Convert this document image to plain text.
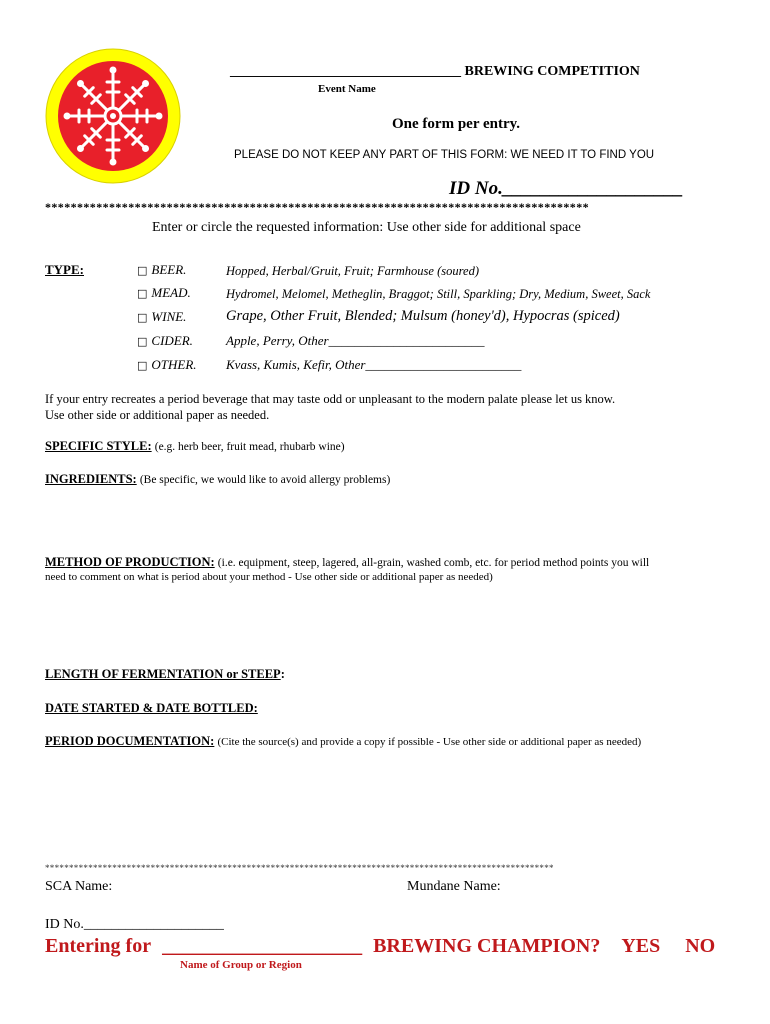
_________________________________ BREWING COMPETITION
Event Name
One form per entry.
PLEASE DO NOT KEEP ANY PART OF THIS FORM: WE NEED IT TO FIND YOU
ID No.___________________
*************************************************************************************
Enter or circle the requested information: Use other side for additional space
TYPE:	□ BEER.	Hopped, Herbal/Gruit, Fruit; Farmhouse (soured)
□ MEAD.	Hydromel, Melomel, Metheglin, Braggot; Still, Sparkling; Dry, Medium, Sweet, Sack
□ WINE.	Grape, Other Fruit, Blended; Mulsum (honey'd), Hypocras (spiced)
□ CIDER.	Apple, Perry, Other________________________
□ OTHER. Kvass, Kumis, Kefir, Other________________________
If your entry recreates a period beverage that may taste odd or unpleasant to the modern palate please let us know.
Use other side or additional paper as needed.
SPECIFIC STYLE: (e.g. herb beer, fruit mead, rhubarb wine)
INGREDIENTS: (Be specific, we would like to avoid allergy problems)
METHOD OF PRODUCTION: (i.e. equipment, steep, lagered, all-grain, washed comb, etc. for period method points you will
need to comment on what is period about your method - Use other side or additional paper as needed)
LENGTH OF FERMENTATION or STEEP:
DATE STARTED & DATE BOTTLED:
PERIOD DOCUMENTATION: (Cite the source(s) and provide a copy if possible - Use other side or additional paper as needed)
**********************************************************************************************************
SCA Name:	Mundane Name:
ID No.____________________
Entering for ____________________ BREWING CHAMPION? YES NO
Name of Group or Region
